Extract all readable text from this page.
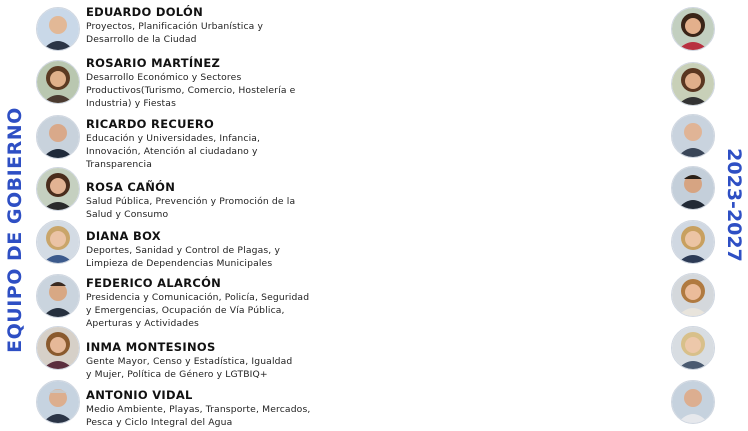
EQUIPO DE GOBIERNO	2023-2027
EDUARDO DOLÓN
Proyectos, Planificación Urbanística y Desarrollo de la Ciudad
ROSARIO MARTÍNEZ
Desarrollo Económico y Sectores Productivos(Turismo, Comercio, Hostelería e Industria) y Fiestas
RICARDO RECUERO
Educación y Universidades, Infancia, Innovación, Atención al ciudadano y Transparencia
ROSA CAÑÓN
Salud Pública, Prevención y Promoción de la Salud y Consumo
DIANA BOX
Deportes, Sanidad y Control de Plagas, y Limpieza de Dependencias Municipales
FEDERICO ALARCÓN
Presidencia y Comunicación, Policía, Seguridad y Emergencias, Ocupación de Vía Pública, Aperturas y Actividades
INMA MONTESINOS
Gente Mayor, Censo y Estadística, Igualdad y Mujer, Política de Género y LGTBIQ+
ANTONIO VIDAL
Medio Ambiente, Playas, Transporte, Mercados, Pesca y Ciclo Integral del Agua
